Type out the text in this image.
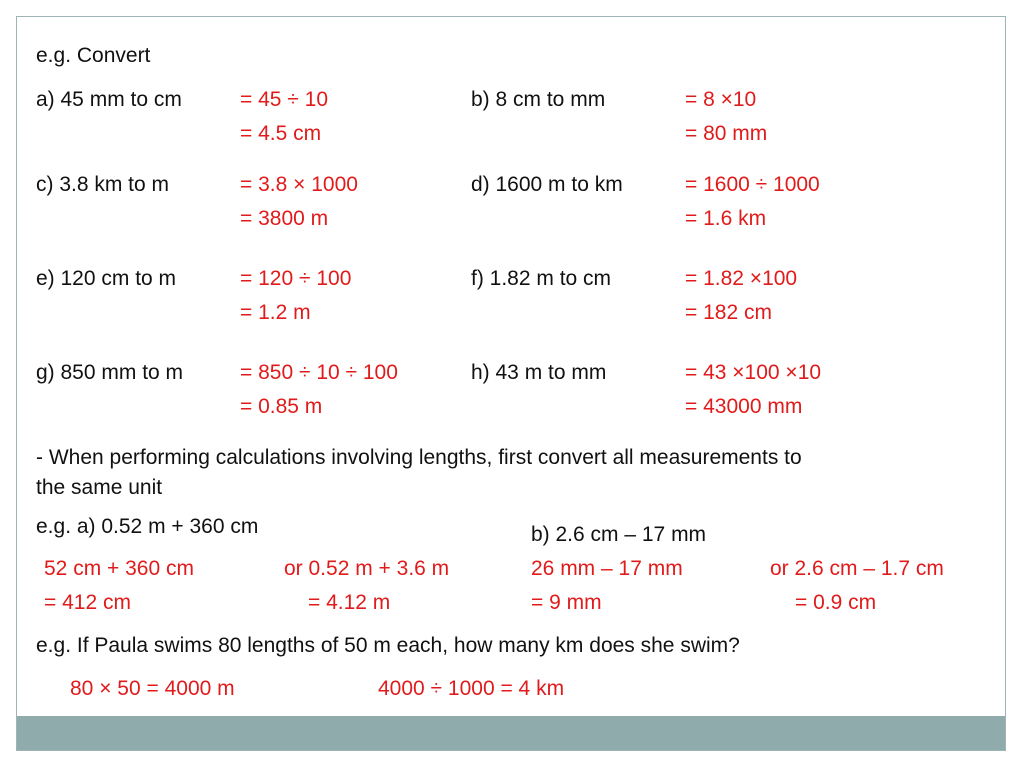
e.g. Convert
a) 45 mm to cm	= 45 ÷ 10
= 4.5 cm
b) 8 cm to mm	= 8 ×10
= 80 mm
c) 3.8 km to m	= 3.8 × 1000
= 3800 m
d) 1600 m to km	= 1600 ÷ 1000
= 1.6 km
e) 120 cm to m	= 120 ÷ 100
= 1.2 m
f) 1.82 m to cm	= 1.82 ×100
= 182 cm
g) 850 mm to m	= 850 ÷ 10 ÷ 100
= 0.85 m
h) 43 m to mm	= 43 ×100 ×10
= 43000 mm
- When performing calculations involving lengths, first convert all measurements to
the same unit
e.g. a) 0.52 m + 360 cm
52 cm + 360 cm	or 0.52 m + 3.6 m
= 412 cm	= 4.12 m
b) 2.6 cm – 17 mm
26 mm – 17 mm	or 2.6 cm – 1.7 cm
= 9 mm	= 0.9 cm
e.g. If Paula swims 80 lengths of 50 m each, how many km does she swim?
80 × 50 = 4000 m	4000 ÷ 1000 = 4 km
